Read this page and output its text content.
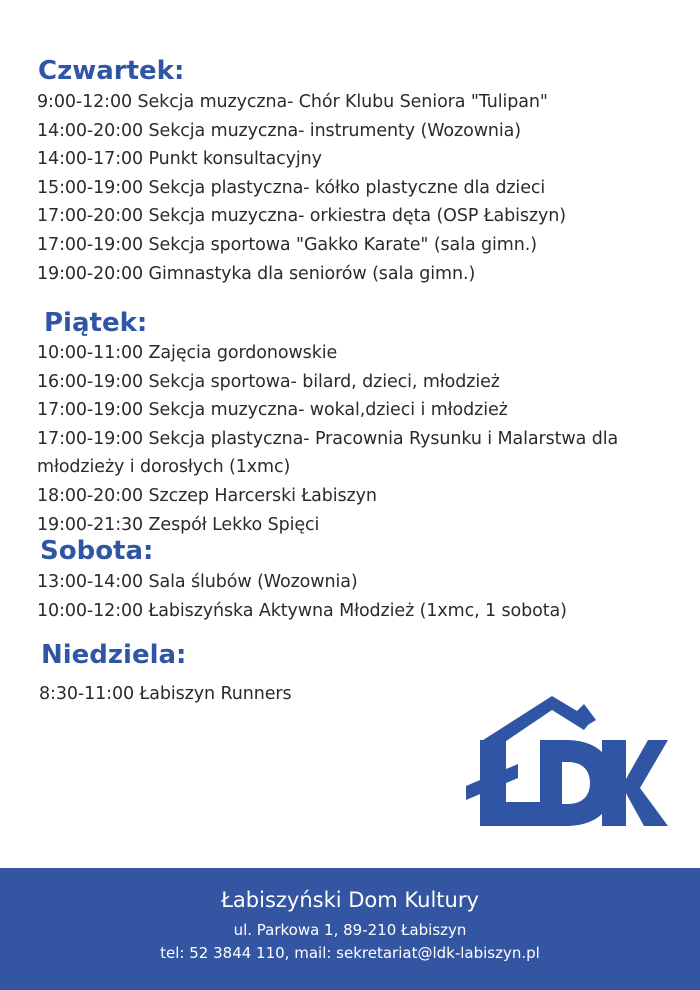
Czwartek:
9:00-12:00 Sekcja muzyczna- Chór Klubu Seniora "Tulipan"
14:00-20:00 Sekcja muzyczna- instrumenty (Wozownia)
14:00-17:00 Punkt konsultacyjny
15:00-19:00 Sekcja plastyczna- kółko plastyczne dla dzieci
17:00-20:00 Sekcja muzyczna- orkiestra dęta (OSP Łabiszyn)
17:00-19:00 Sekcja sportowa "Gakko Karate" (sala gimn.)
19:00-20:00 Gimnastyka dla seniorów (sala gimn.)
Piątek:
10:00-11:00 Zajęcia gordonowskie
16:00-19:00 Sekcja sportowa- bilard, dzieci, młodzież
17:00-19:00 Sekcja muzyczna- wokal,dzieci i młodzież
17:00-19:00 Sekcja plastyczna- Pracownia Rysunku i Malarstwa dla młodzieży i dorosłych (1xmc)
18:00-20:00 Szczep Harcerski Łabiszyn
19:00-21:30 Zespół Lekko Spięci
Sobota:
13:00-14:00 Sala ślubów (Wozownia)
10:00-12:00 Łabiszyńska Aktywna Młodzież (1xmc, 1 sobota)
Niedziela:
8:30-11:00 Łabiszyn Runners
Łabiszyński Dom Kultury
ul. Parkowa 1, 89-210 Łabiszyn
tel: 52 3844 110, mail: sekretariat@ldk-labiszyn.pl
